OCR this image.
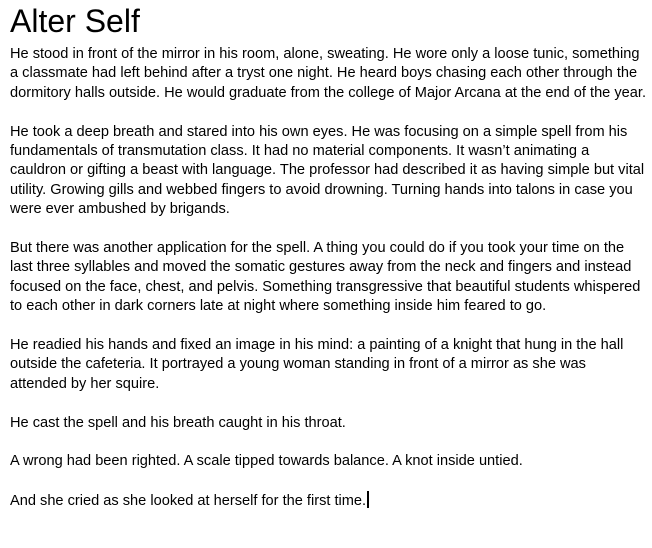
Alter Self

He stood in front of the mirror in his room, alone, sweating. He wore only a loose tunic, something a classmate had left behind after a tryst one night. He heard boys chasing each other through the dormitory halls outside. He would graduate from the college of Major Arcana at the end of the year.

He took a deep breath and stared into his own eyes. He was focusing on a simple spell from his fundamentals of transmutation class. It had no material components. It wasn’t animating a cauldron or gifting a beast with language. The professor had described it as having simple but vital utility. Growing gills and webbed fingers to avoid drowning. Turning hands into talons in case you were ever ambushed by brigands.

But there was another application for the spell. A thing you could do if you took your time on the last three syllables and moved the somatic gestures away from the neck and fingers and instead focused on the face, chest, and pelvis. Something transgressive that beautiful students whispered to each other in dark corners late at night where something inside him feared to go.

He readied his hands and fixed an image in his mind: a painting of a knight that hung in the hall outside the cafeteria. It portrayed a young woman standing in front of a mirror as she was attended by her squire.

He cast the spell and his breath caught in his throat.

A wrong had been righted. A scale tipped towards balance. A knot inside untied.

And she cried as she looked at herself for the first time.
